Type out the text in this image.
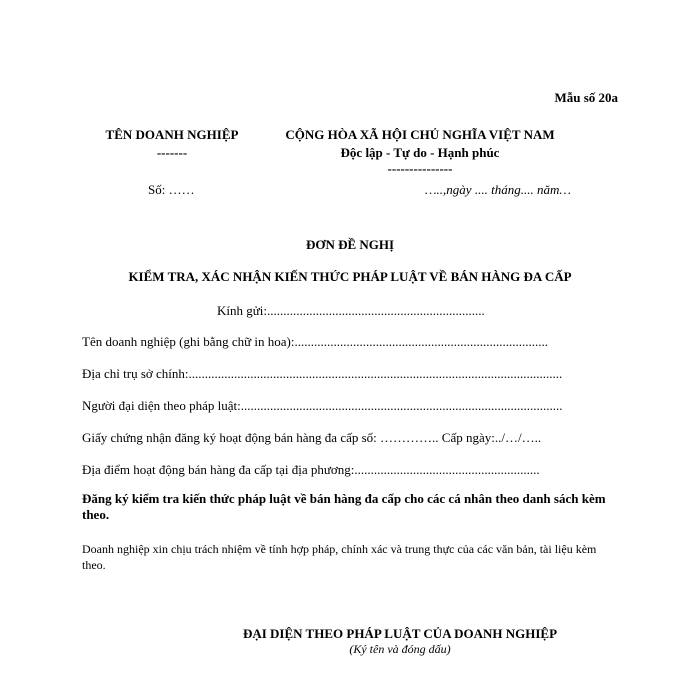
Mẫu số 20a
TÊN DOANH NGHIỆP
-------
Số: ……
CỘNG HÒA XÃ HỘI CHỦ NGHĨA VIỆT NAM
Độc lập - Tự do - Hạnh phúc
---------------
…..,ngày .... tháng.... năm…
ĐƠN ĐỀ NGHỊ
KIỂM TRA, XÁC NHẬN KIẾN THỨC PHÁP LUẬT VỀ BÁN HÀNG ĐA CẤP
Kính gửi:...................................................................
Tên doanh nghiệp (ghi bằng chữ in hoa):..............................................................................
Địa chỉ trụ sở chính:...................................................................................................................
Người đại diện theo pháp luật:...................................................................................................
Giấy chứng nhận đăng ký hoạt động bán hàng đa cấp số: ………….. Cấp ngày:../…/…..
Địa điểm hoạt động bán hàng đa cấp tại địa phương:.........................................................
Đăng ký kiểm tra kiến thức pháp luật về bán hàng đa cấp cho các cá nhân theo danh sách kèm theo.
Doanh nghiệp xin chịu trách nhiệm về tính hợp pháp, chính xác và trung thực của các văn bản, tài liệu kèm theo.
ĐẠI DIỆN THEO PHÁP LUẬT CỦA DOANH NGHIỆP
(Ký tên và đóng dấu)
